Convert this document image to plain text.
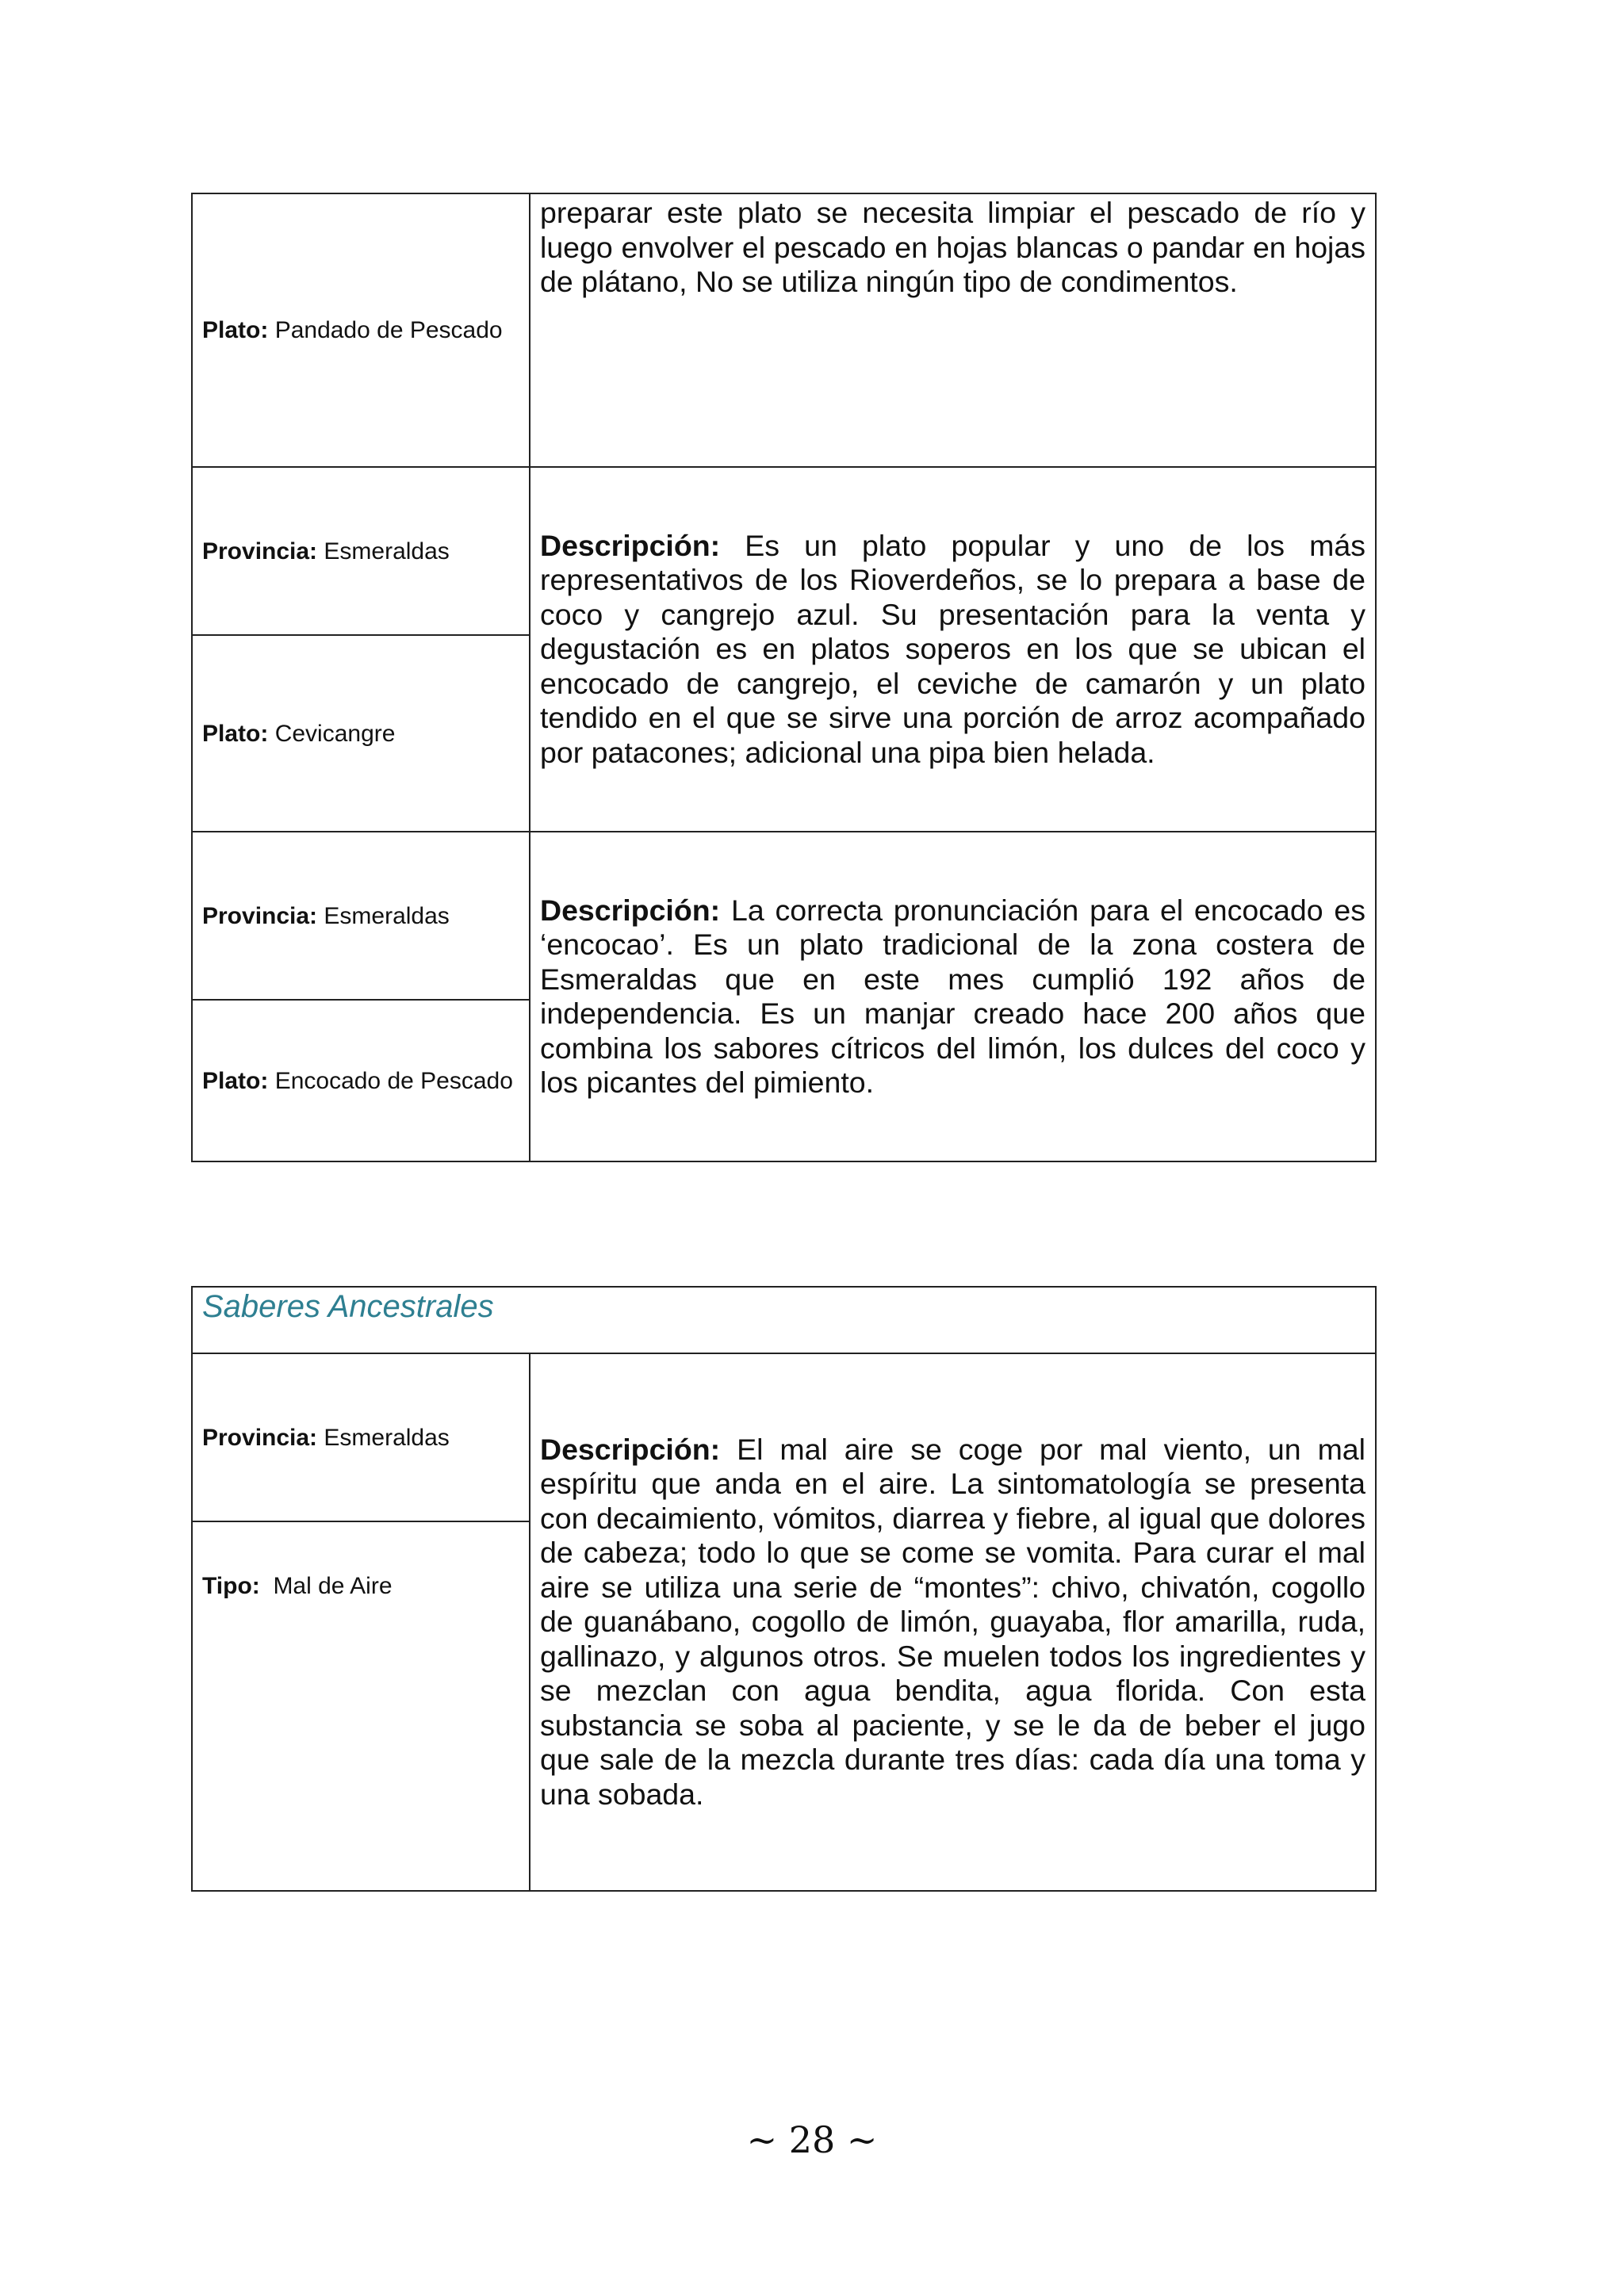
Plato: Pandado de Pescado	preparar este plato se necesita limpiar el pescado de río y luego envolver el pescado en hojas blancas o pandar en hojas de plátano, No se utiliza ningún tipo de condimentos.
Provincia: Esmeraldas	Descripción: Es un plato popular y uno de los más representativos de los Rioverdeños, se lo prepara a base de coco y cangrejo azul. Su presentación para la venta y degustación es en platos soperos en los que se ubican el encocado de cangrejo, el ceviche de camarón y un plato tendido en el que se sirve una porción de arroz acompañado por patacones; adicional una pipa bien helada.
Plato: Cevicangre	
Provincia: Esmeraldas	Descripción: La correcta pronunciación para el encocado es ‘encocao’. Es un plato tradicional de la zona costera de Esmeraldas que en este mes cumplió 192 años de independencia. Es un manjar creado hace 200 años que combina los sabores cítricos del limón, los dulces del coco y los picantes del pimiento.
Plato: Encocado de Pescado	
Saberes Ancestrales
Provincia: Esmeraldas	Descripción: El mal aire se coge por mal viento, un mal espíritu que anda en el aire. La sintomatología se presenta con decaimiento, vómitos, diarrea y fiebre, al igual que dolores de cabeza; todo lo que se come se vomita. Para curar el mal aire se utiliza una serie de “montes”: chivo, chivatón, cogollo de guanábano, cogollo de limón, guayaba, flor amarilla, ruda, gallinazo, y algunos otros. Se muelen todos los ingredientes y se mezclan con agua bendita, agua florida. Con esta substancia se soba al paciente, y se le da de beber el jugo que sale de la mezcla durante tres días: cada día una toma y una sobada.
Tipo: Mal de Aire
~ 28 ~
